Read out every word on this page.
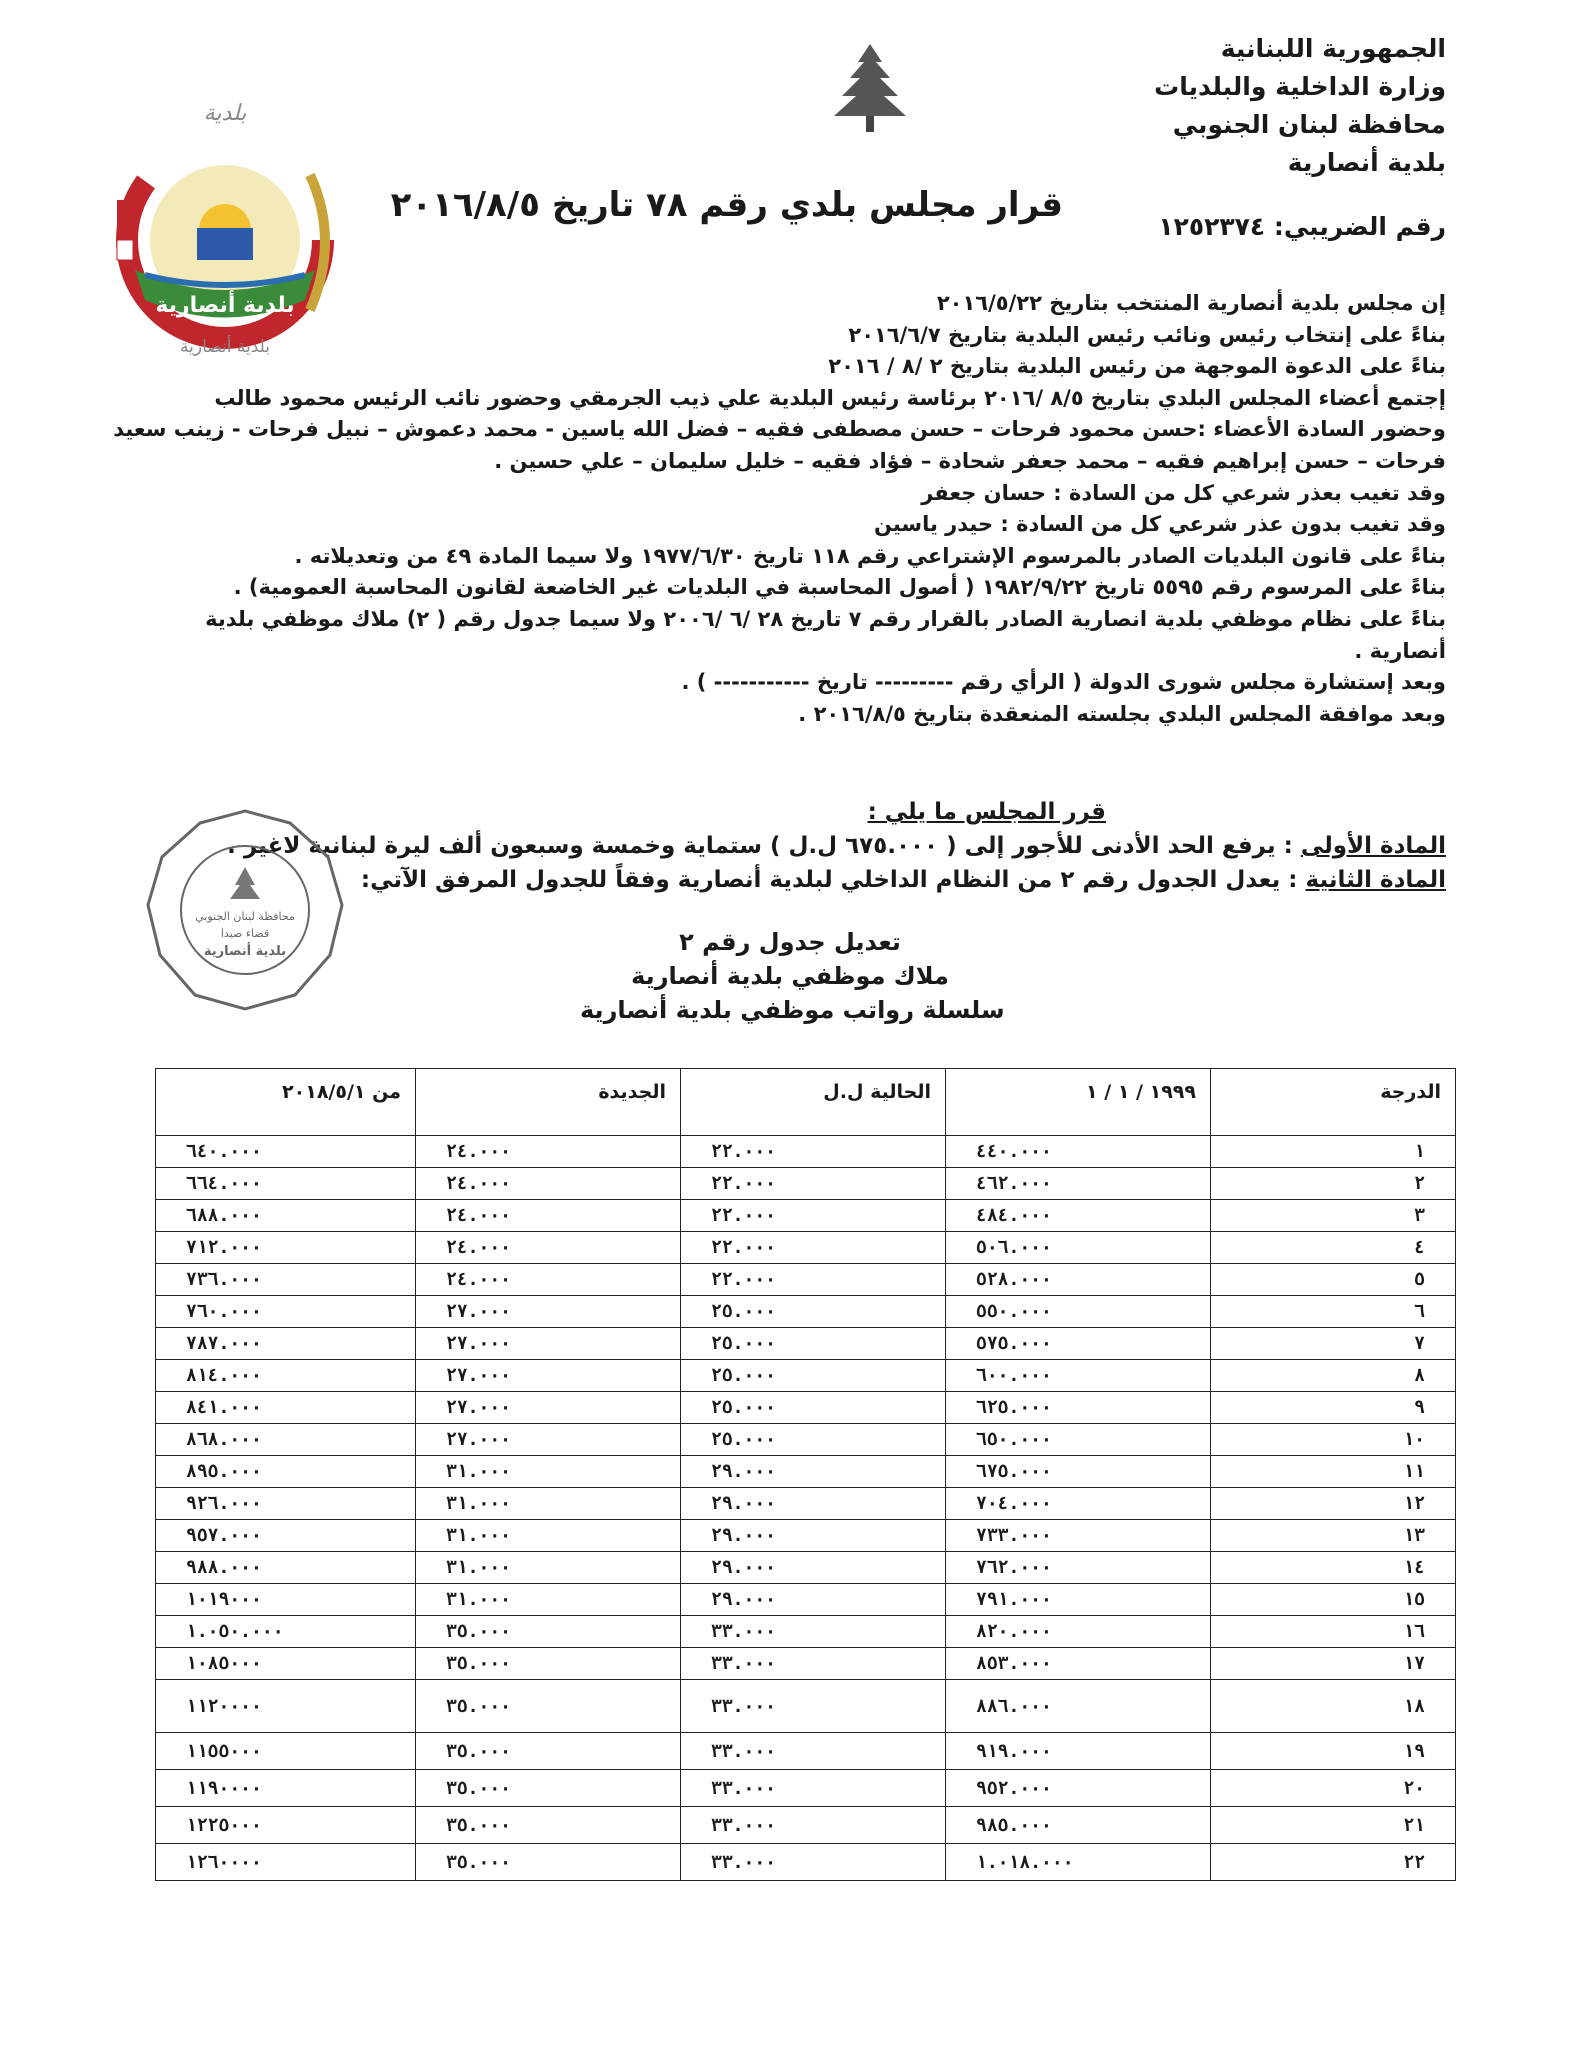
الجمهورية اللبنانية
وزارة الداخلية والبلديات
محافظة لبنان الجنوبي
بلدية أنصارية
رقم الضريبي: ١٢٥٢٣٧٤
بلدية
بلدية أنصارية
بلدية أنصارية
قرار مجلس بلدي رقم ٧٨ تاريخ ٢٠١٦/٨/٥
إن مجلس بلدية أنصارية المنتخب بتاريخ ٢٠١٦/٥/٢٢
بناءً على إنتخاب رئيس ونائب رئيس البلدية بتاريخ ٢٠١٦/٦/٧
بناءً على الدعوة الموجهة من رئيس البلدية بتاريخ ٢ /٨ / ٢٠١٦
إجتمع أعضاء المجلس البلدي بتاريخ ٨/٥ /٢٠١٦ برئاسة رئيس البلدية علي ذيب الجرمقي وحضور نائب الرئيس محمود طالب
وحضور السادة الأعضاء :حسن محمود فرحات – حسن مصطفى فقيه – فضل الله ياسين - محمد دعموش – نبيل فرحات - زينب سعيد
فرحات – حسن إبراهيم فقيه – محمد جعفر شحادة – فؤاد فقيه – خليل سليمان – علي حسين .
وقد تغيب بعذر شرعي كل من السادة : حسان جعفر
وقد تغيب بدون عذر شرعي كل من السادة : حيدر ياسين
بناءً على قانون البلديات الصادر بالمرسوم الإشتراعي رقم ١١٨ تاريخ ١٩٧٧/٦/٣٠ ولا سيما المادة ٤٩ من وتعديلاته .
بناءً على المرسوم رقم ٥٥٩٥ تاريخ ١٩٨٢/٩/٢٢ ( أصول المحاسبة في البلديات غير الخاضعة لقانون المحاسبة العمومية) .
بناءً على نظام موظفي بلدية انصارية الصادر بالقرار رقم ٧ تاريخ ٢٨ /٦ /٢٠٠٦ ولا سيما جدول رقم ( ٢) ملاك موظفي بلدية
أنصارية .
وبعد إستشارة مجلس شورى الدولة ( الرأي رقم --------- تاريخ ----------- ) .
وبعد موافقة المجلس البلدي بجلسته المنعقدة بتاريخ ٢٠١٦/٨/٥ .
قرر المجلس ما يلي :
المادة الأولى : يرفع الحد الأدنى للأجور إلى ( ٦٧٥.٠٠٠ ل.ل ) ستماية وخمسة وسبعون ألف ليرة لبنانية لاغير .
المادة الثانية : يعدل الجدول رقم ٢ من النظام الداخلي لبلدية أنصارية وفقاً للجدول المرفق الآتي:
محافظة لبنان الجنوبي
قضاء صيدا
بلدية أنصارية	تعديل جدول رقم ٢
ملاك موظفي بلدية أنصارية
سلسلة رواتب موظفي بلدية أنصارية
من ٢٠١٨/٥/١	الجديدة	الحالية ل.ل	١٩٩٩ / ١ / ١	الدرجة
٦٤٠.٠٠٠	٢٤.٠٠٠	٢٢.٠٠٠	٤٤٠.٠٠٠	١
٦٦٤.٠٠٠	٢٤.٠٠٠	٢٢.٠٠٠	٤٦٢.٠٠٠	٢
٦٨٨.٠٠٠	٢٤.٠٠٠	٢٢.٠٠٠	٤٨٤.٠٠٠	٣
٧١٢.٠٠٠	٢٤.٠٠٠	٢٢.٠٠٠	٥٠٦.٠٠٠	٤
٧٣٦.٠٠٠	٢٤.٠٠٠	٢٢.٠٠٠	٥٢٨.٠٠٠	٥
٧٦٠.٠٠٠	٢٧.٠٠٠	٢٥.٠٠٠	٥٥٠.٠٠٠	٦
٧٨٧.٠٠٠	٢٧.٠٠٠	٢٥.٠٠٠	٥٧٥.٠٠٠	٧
٨١٤.٠٠٠	٢٧.٠٠٠	٢٥.٠٠٠	٦٠٠.٠٠٠	٨
٨٤١.٠٠٠	٢٧.٠٠٠	٢٥.٠٠٠	٦٢٥.٠٠٠	٩
٨٦٨.٠٠٠	٢٧.٠٠٠	٢٥.٠٠٠	٦٥٠.٠٠٠	١٠
٨٩٥.٠٠٠	٣١.٠٠٠	٢٩.٠٠٠	٦٧٥.٠٠٠	١١
٩٢٦.٠٠٠	٣١.٠٠٠	٢٩.٠٠٠	٧٠٤.٠٠٠	١٢
٩٥٧.٠٠٠	٣١.٠٠٠	٢٩.٠٠٠	٧٣٣.٠٠٠	١٣
٩٨٨.٠٠٠	٣١.٠٠٠	٢٩.٠٠٠	٧٦٢.٠٠٠	١٤
١٠١٩٠٠٠	٣١.٠٠٠	٢٩.٠٠٠	٧٩١.٠٠٠	١٥
١.٠٥٠.٠٠٠	٣٥.٠٠٠	٣٣.٠٠٠	٨٢٠.٠٠٠	١٦
١٠٨٥٠٠٠	٣٥.٠٠٠	٣٣.٠٠٠	٨٥٣.٠٠٠	١٧
١١٢٠٠٠٠	٣٥.٠٠٠	٣٣.٠٠٠	٨٨٦.٠٠٠	١٨
١١٥٥٠٠٠	٣٥.٠٠٠	٣٣.٠٠٠	٩١٩.٠٠٠	١٩
١١٩٠٠٠٠	٣٥.٠٠٠	٣٣.٠٠٠	٩٥٢.٠٠٠	٢٠
١٢٢٥٠٠٠	٣٥.٠٠٠	٣٣.٠٠٠	٩٨٥.٠٠٠	٢١
١٢٦٠٠٠٠	٣٥.٠٠٠	٣٣.٠٠٠	١.٠١٨.٠٠٠	٢٢
